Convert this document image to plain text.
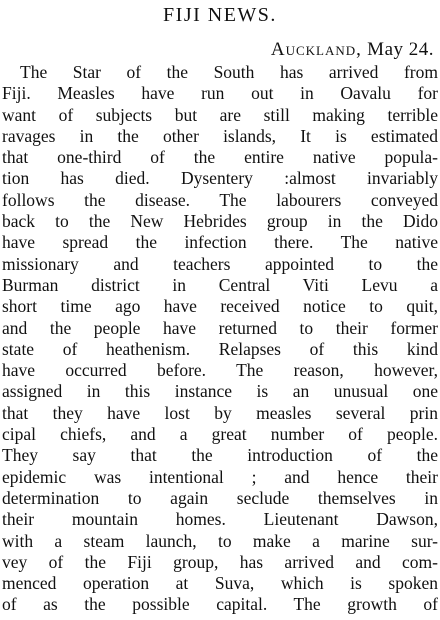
FIJI NEWS.
Auckland, May 24.
The Star of the South has arrived from
Fiji. Measles have run out in Oavalu for
want of subjects but are still making terrible
ravages in the other islands, It is estimated
that one-third of the entire native popula-
tion has died. Dysentery :almost invariably
follows the disease. The labourers conveyed
back to the New Hebrides group in the Dido
have spread the infection there. The native
missionary and teachers appointed to the
Burman district in Central Viti Levu a
short time ago have received notice to quit,
and the people have returned to their former
state of heathenism. Relapses of this kind
have occurred before. The reason, however,
assigned in this instance is an unusual one
that they have lost by measles several prin
cipal chiefs, and a great number of people.
They say that the introduction of the
epidemic was intentional ; and hence their
determination to again seclude themselves in
their mountain homes. Lieutenant Dawson,
with a steam launch, to make a marine sur-
vey of the Fiji group, has arrived and com-
menced operation at Suva, which is spoken
of as the possible capital. The growth of
